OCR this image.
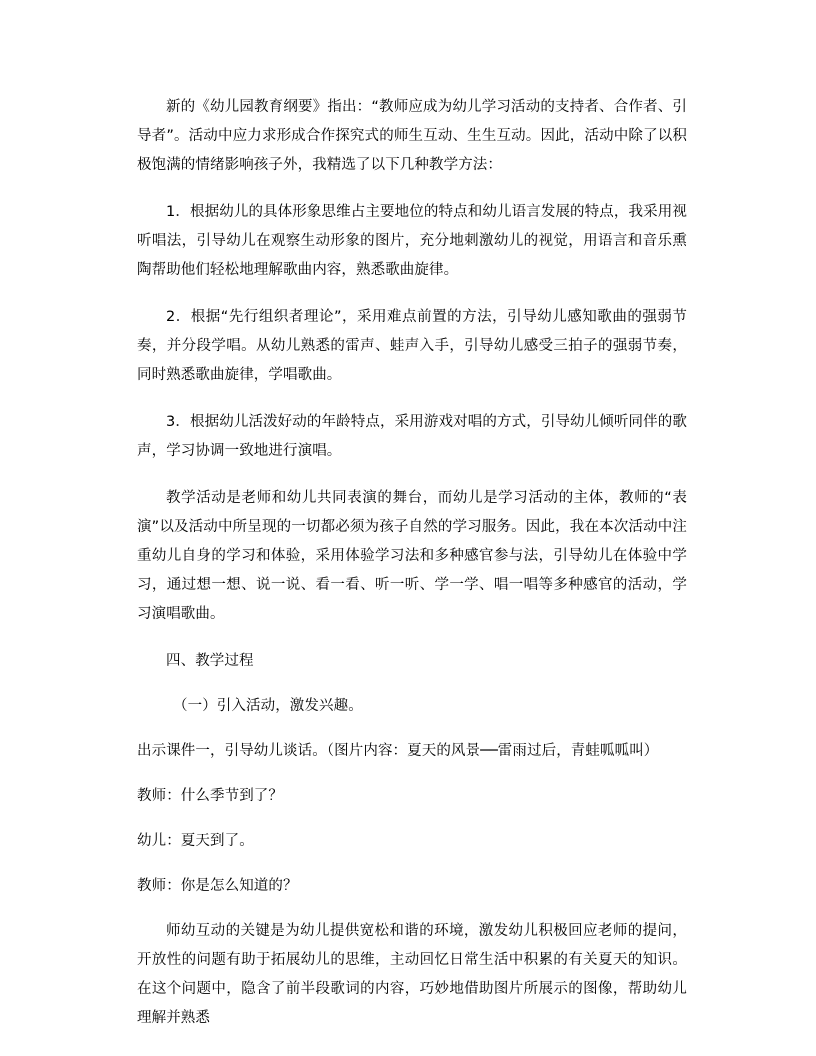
新的《幼儿园教育纲要》指出：“教师应成为幼儿学习活动的支持者、合作者、引导者”。活动中应力求形成合作探究式的师生互动、生生互动。因此，活动中除了以积极饱满的情绪影响孩子外，我精选了以下几种教学方法：

1．根据幼儿的具体形象思维占主要地位的特点和幼儿语言发展的特点，我采用视听唱法，引导幼儿在观察生动形象的图片，充分地刺激幼儿的视觉，用语言和音乐熏陶帮助他们轻松地理解歌曲内容，熟悉歌曲旋律。

2．根据“先行组织者理论”，采用难点前置的方法，引导幼儿感知歌曲的强弱节奏，并分段学唱。从幼儿熟悉的雷声、蛙声入手，引导幼儿感受三拍子的强弱节奏，同时熟悉歌曲旋律，学唱歌曲。

3．根据幼儿活泼好动的年龄特点，采用游戏对唱的方式，引导幼儿倾听同伴的歌声，学习协调一致地进行演唱。

教学活动是老师和幼儿共同表演的舞台，而幼儿是学习活动的主体，教师的“表演”以及活动中所呈现的一切都必须为孩子自然的学习服务。因此，我在本次活动中注重幼儿自身的学习和体验，采用体验学习法和多种感官参与法，引导幼儿在体验中学习，通过想一想、说一说、看一看、听一听、学一学、唱一唱等多种感官的活动，学习演唱歌曲。

四、教学过程

（一）引入活动，激发兴趣。

出示课件一，引导幼儿谈话。（图片内容：夏天的风景──雷雨过后，青蛙呱呱叫）

教师：什么季节到了？

幼儿：夏天到了。

教师：你是怎么知道的？

师幼互动的关键是为幼儿提供宽松和谐的环境，激发幼儿积极回应老师的提问，开放性的问题有助于拓展幼儿的思维，主动回忆日常生活中积累的有关夏天的知识。在这个问题中，隐含了前半段歌词的内容，巧妙地借助图片所展示的图像，帮助幼儿理解并熟悉
